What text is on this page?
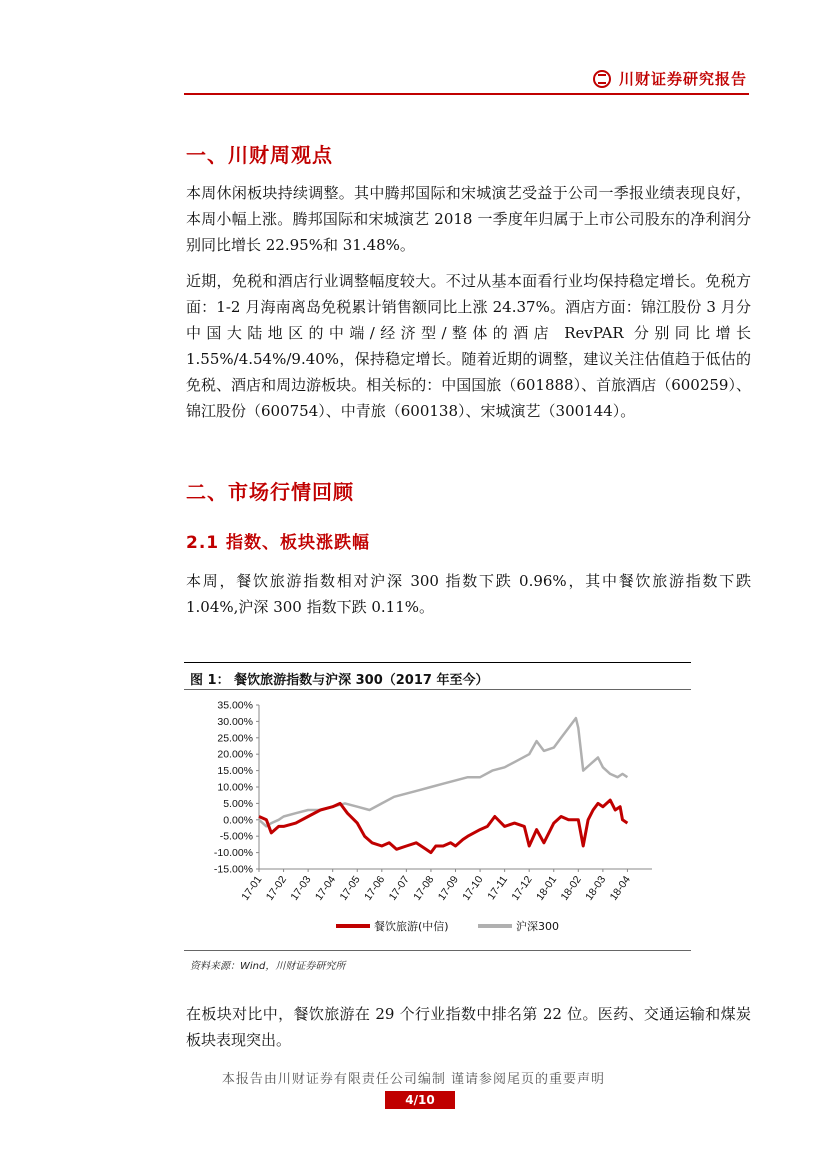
川财证券研究报告
一、川财周观点

本周休闲板块持续调整。其中腾邦国际和宋城演艺受益于公司一季报业绩表现良好，本周小幅上涨。腾邦国际和宋城演艺 2018 一季度年归属于上市公司股东的净利润分别同比增长 22.95%和 31.48%。

近期，免税和酒店行业调整幅度较大。不过从基本面看行业均保持稳定增长。免税方面：1-2 月海南离岛免税累计销售额同比上涨 24.37%。酒店方面：锦江股份 3 月分中国大陆地区的中端/经济型/整体的酒店 RevPAR 分别同比增长 1.55%/4.54%/9.40%，保持稳定增长。随着近期的调整，建议关注估值趋于低估的免税、酒店和周边游板块。相关标的：中国国旅（601888）、首旅酒店（600259）、锦江股份（600754）、中青旅（600138）、宋城演艺（300144）。

二、市场行情回顾
2.1 指数、板块涨跌幅

本周，餐饮旅游指数相对沪深 300 指数下跌 0.96%，其中餐饮旅游指数下跌 1.04%,沪深 300 指数下跌 0.11%。

图 1： 餐饮旅游指数与沪深 300（2017 年至今）
35.00%
30.00%
25.00%
20.00%
15.00%
10.00%
5.00%
0.00%
-5.00%
-10.00%
-15.00%
17-01 17-02 17-03 17-04 17-05 17-06 17-07 17-08 17-09 17-10 17-11 17-12 18-01 18-02 18-03 18-04
餐饮旅游(中信)	沪深300
资料来源：Wind，川财证券研究所

在板块对比中，餐饮旅游在 29 个行业指数中排名第 22 位。医药、交通运输和煤炭板块表现突出。

本报告由川财证券有限责任公司编制 谨请参阅尾页的重要声明
4/10
